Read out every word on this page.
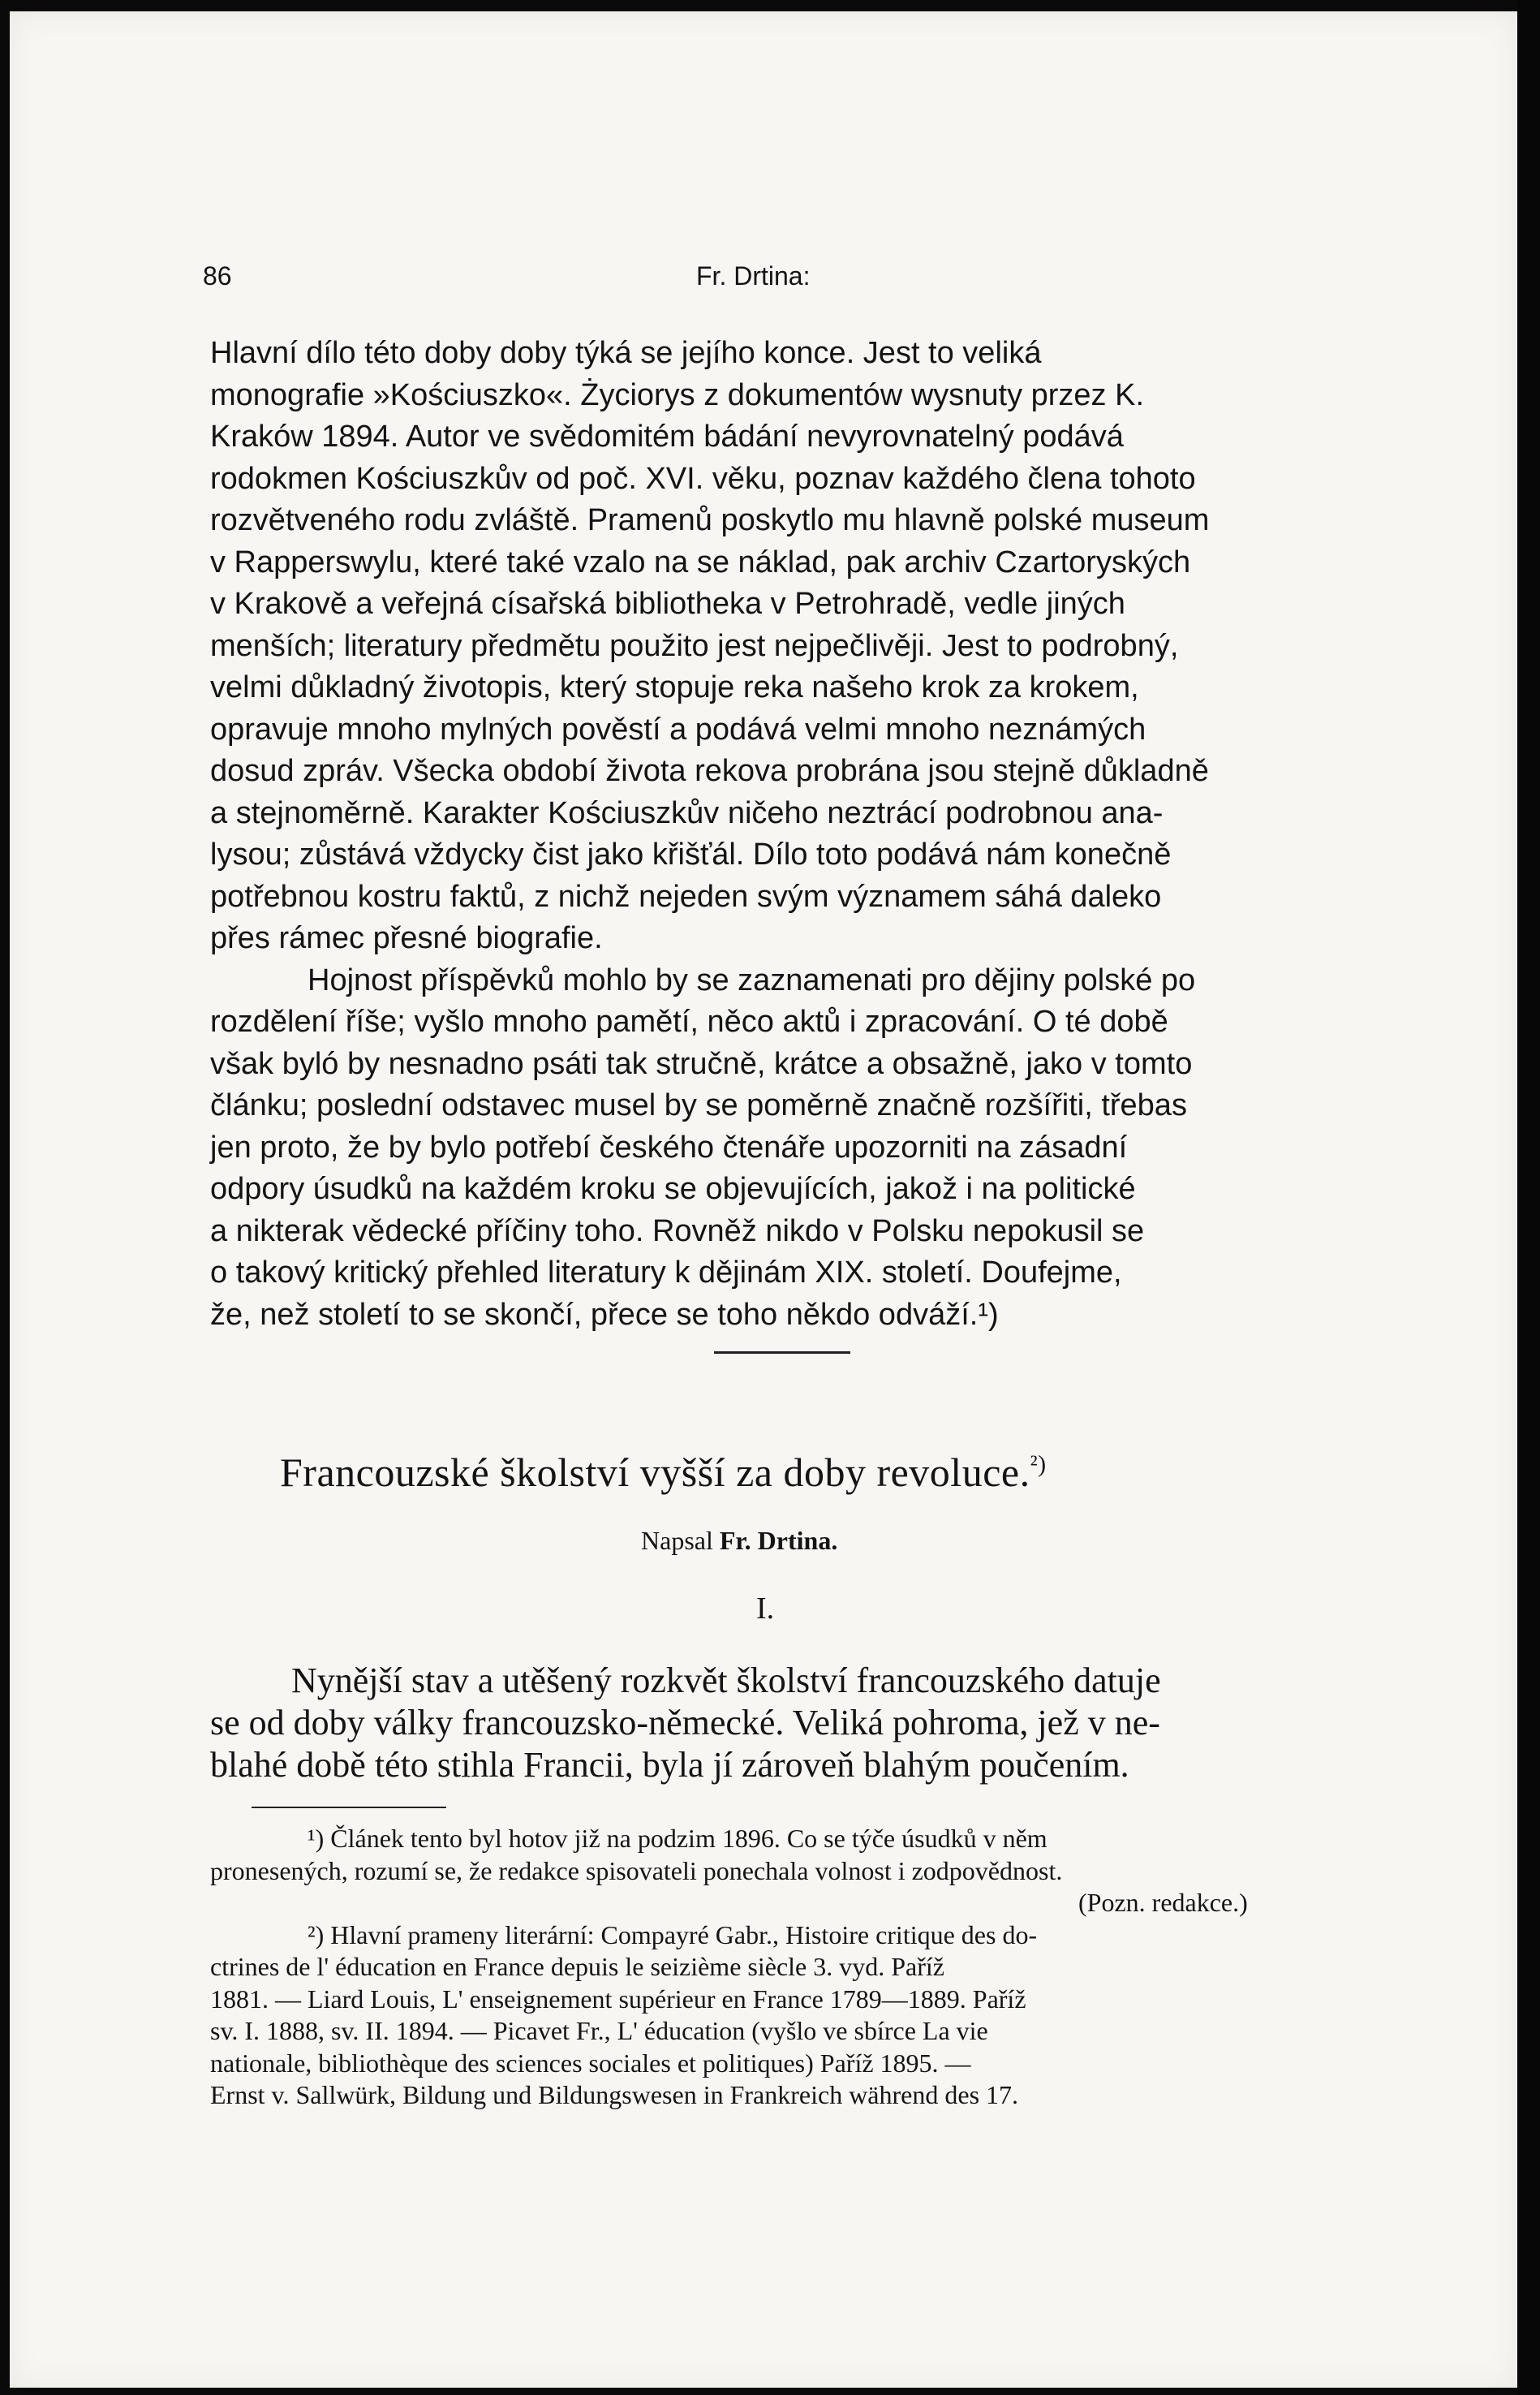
86	Fr. Drtina:
Hlavní dílo této doby doby týká se jejího konce. Jest to veliká
monografie »Kościuszko«. Życiorys z dokumentów wysnuty przez K.
Kraków 1894. Autor ve svědomitém bádání nevyrovnatelný podává
rodokmen Kościuszkův od poč. XVI. věku, poznav každého člena tohoto
rozvětveného rodu zvláště. Pramenů poskytlo mu hlavně polské museum
v Rapperswylu, které také vzalo na se náklad, pak archiv Czartoryských
v Krakově a veřejná císařská bibliotheka v Petrohradě, vedle jiných
menších; literatury předmětu použito jest nejpečlivěji. Jest to podrobný,
velmi důkladný životopis, který stopuje reka našeho krok za krokem,
opravuje mnoho mylných pověstí a podává velmi mnoho neznámých
dosud zpráv. Všecka období života rekova probrána jsou stejně důkladně
a stejnoměrně. Karakter Kościuszkův ničeho neztrácí podrobnou ana-
lysou; zůstává vždycky čist jako křišťál. Dílo toto podává nám konečně
potřebnou kostru faktů, z nichž nejeden svým významem sáhá daleko
přes rámec přesné biografie.
Hojnost příspěvků mohlo by se zaznamenati pro dějiny polské po
rozdělení říše; vyšlo mnoho pamětí, něco aktů i zpracování. O té době
však byló by nesnadno psáti tak stručně, krátce a obsažně, jako v tomto
článku; poslední odstavec musel by se poměrně značně rozšířiti, třebas
jen proto, že by bylo potřebí českého čtenáře upozorniti na zásadní
odpory úsudků na každém kroku se objevujících, jakož i na politické
a nikterak vědecké příčiny toho. Rovněž nikdo v Polsku nepokusil se
o takový kritický přehled literatury k dějinám XIX. století. Doufejme,
že, než století to se skončí, přece se toho někdo odváží.¹)
Francouzské školství vyšší za doby revoluce.$^{^2)}$
Napsal Fr. Drtina.
I.
Nynější stav a utěšený rozkvět školství francouzského datuje
se od doby války francouzsko-německé. Veliká pohroma, jež v ne-
blahé době této stihla Francii, byla jí zároveň blahým poučením.
¹) Článek tento byl hotov již na podzim 1896. Co se týče úsudků v něm
pronesených, rozumí se, že redakce spisovateli ponechala volnost i zodpovědnost.
(Pozn. redakce.)
²) Hlavní prameny literární: Compayré Gabr., Histoire critique des do-
ctrines de l' éducation en France depuis le seizième siècle 3. vyd. Paříž
1881. — Liard Louis, L' enseignement supérieur en France 1789—1889. Paříž
sv. I. 1888, sv. II. 1894. — Picavet Fr., L' éducation (vyšlo ve sbírce La vie
nationale, bibliothèque des sciences sociales et politiques) Paříž 1895. —
Ernst v. Sallwürk, Bildung und Bildungswesen in Frankreich während des 17.
